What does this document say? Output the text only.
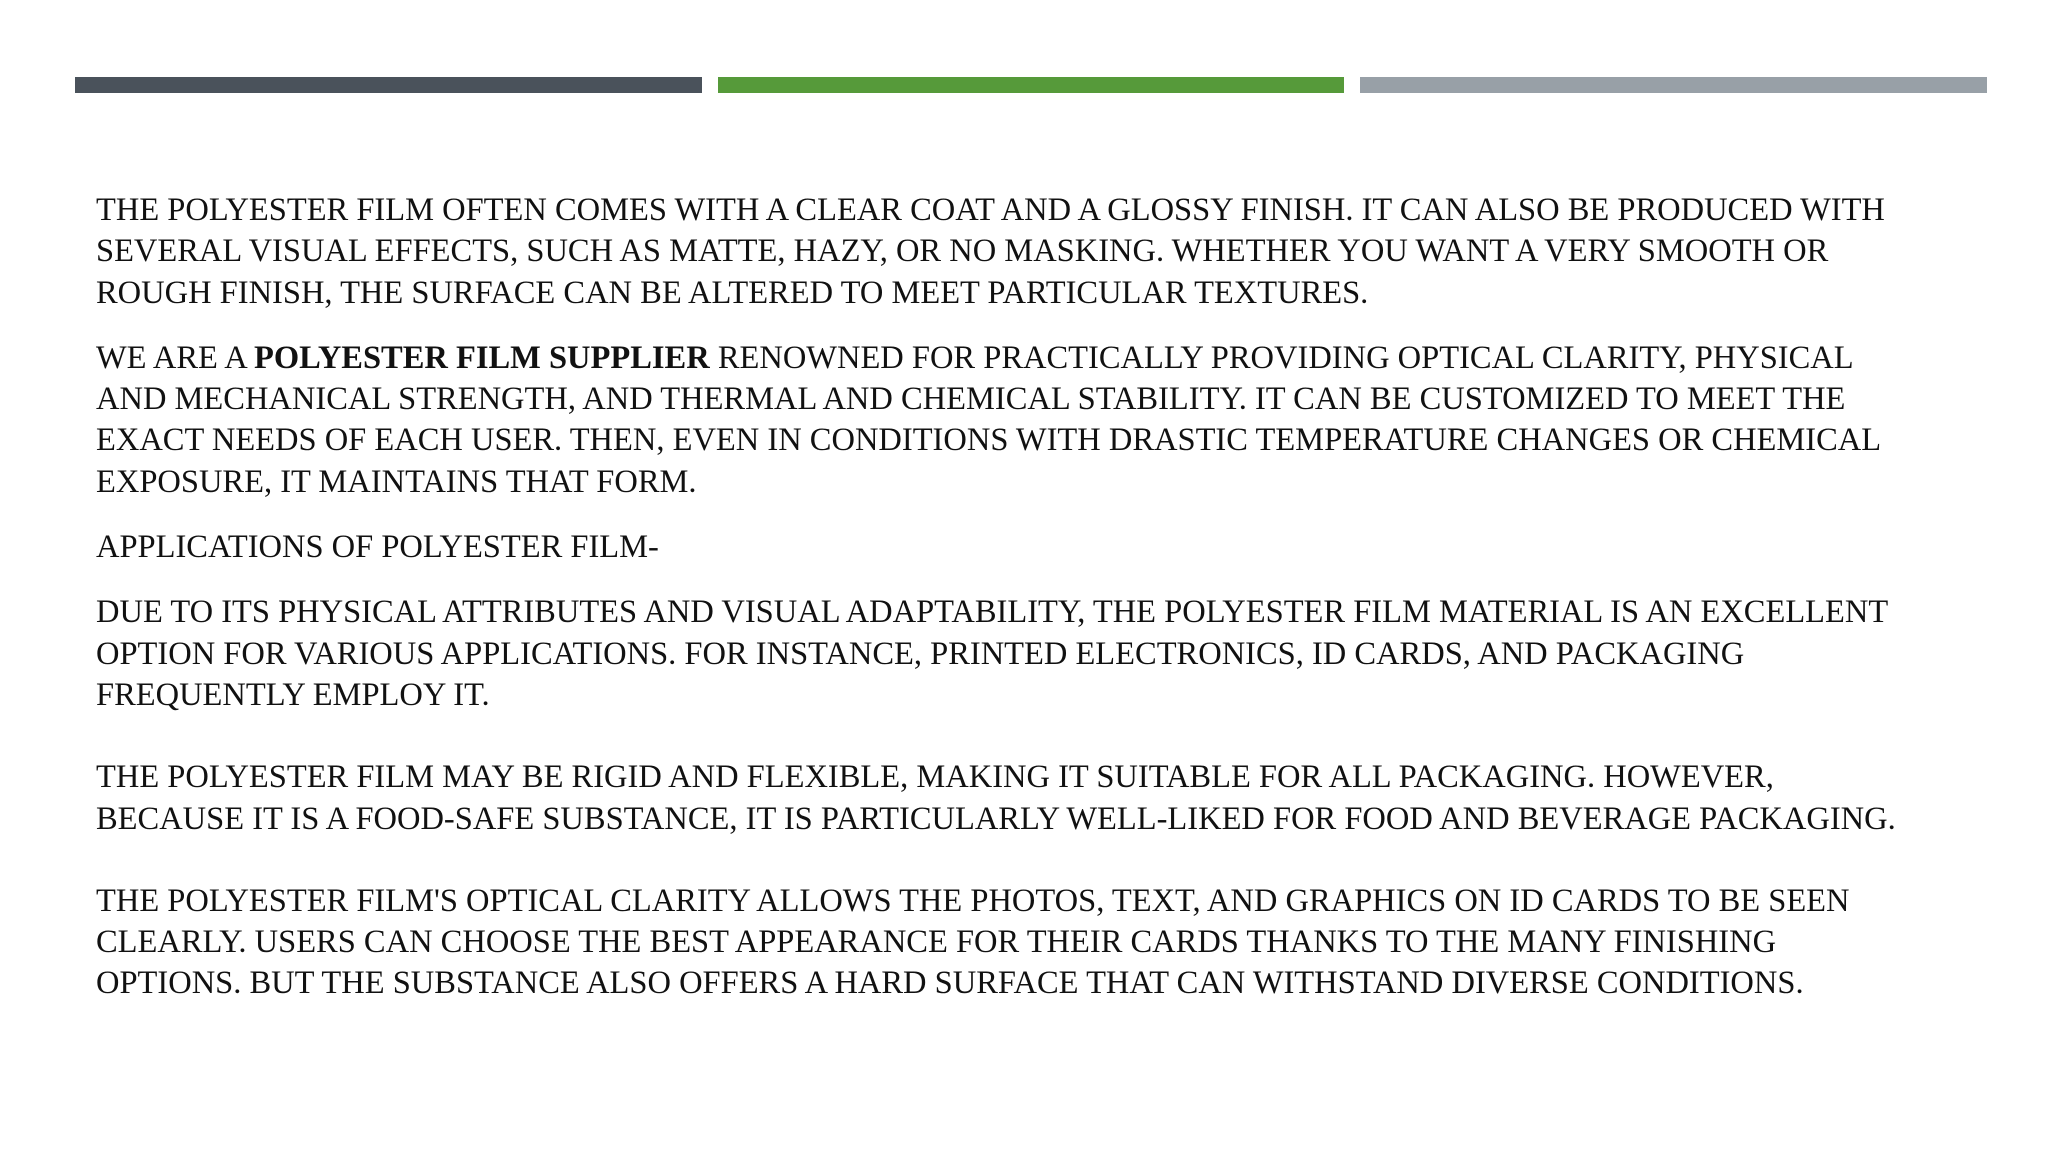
THE POLYESTER FILM OFTEN COMES WITH A CLEAR COAT AND A GLOSSY FINISH. IT CAN ALSO BE PRODUCED WITH SEVERAL VISUAL EFFECTS, SUCH AS MATTE, HAZY, OR NO MASKING. WHETHER YOU WANT A VERY SMOOTH OR ROUGH FINISH, THE SURFACE CAN BE ALTERED TO MEET PARTICULAR TEXTURES.

WE ARE A POLYESTER FILM SUPPLIER RENOWNED FOR PRACTICALLY PROVIDING OPTICAL CLARITY, PHYSICAL AND MECHANICAL STRENGTH, AND THERMAL AND CHEMICAL STABILITY. IT CAN BE CUSTOMIZED TO MEET THE EXACT NEEDS OF EACH USER. THEN, EVEN IN CONDITIONS WITH DRASTIC TEMPERATURE CHANGES OR CHEMICAL EXPOSURE, IT MAINTAINS THAT FORM.

APPLICATIONS OF POLYESTER FILM-

DUE TO ITS PHYSICAL ATTRIBUTES AND VISUAL ADAPTABILITY, THE POLYESTER FILM MATERIAL IS AN EXCELLENT OPTION FOR VARIOUS APPLICATIONS. FOR INSTANCE, PRINTED ELECTRONICS, ID CARDS, AND PACKAGING FREQUENTLY EMPLOY IT.

THE POLYESTER FILM MAY BE RIGID AND FLEXIBLE, MAKING IT SUITABLE FOR ALL PACKAGING. HOWEVER, BECAUSE IT IS A FOOD-SAFE SUBSTANCE, IT IS PARTICULARLY WELL-LIKED FOR FOOD AND BEVERAGE PACKAGING.

THE POLYESTER FILM'S OPTICAL CLARITY ALLOWS THE PHOTOS, TEXT, AND GRAPHICS ON ID CARDS TO BE SEEN CLEARLY. USERS CAN CHOOSE THE BEST APPEARANCE FOR THEIR CARDS THANKS TO THE MANY FINISHING OPTIONS. BUT THE SUBSTANCE ALSO OFFERS A HARD SURFACE THAT CAN WITHSTAND DIVERSE CONDITIONS.
